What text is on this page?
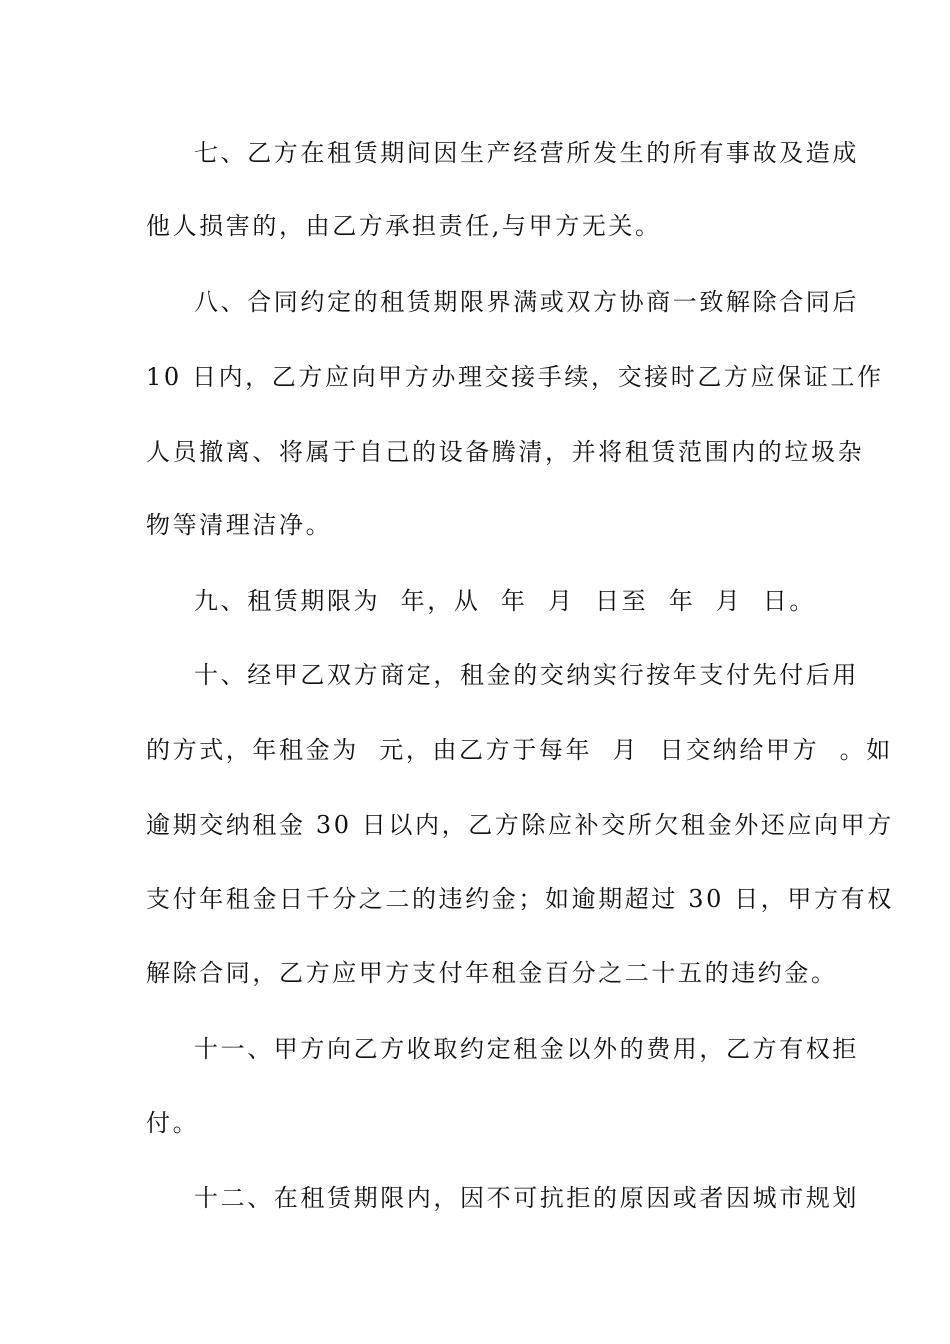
七、乙方在租赁期间因生产经营所发生的所有事故及造成
他人损害的，由乙方承担责任,与甲方无关。
八、合同约定的租赁期限界满或双方协商一致解除合同后
10 日内，乙方应向甲方办理交接手续，交接时乙方应保证工作
人员撤离、将属于自己的设备腾清，并将租赁范围内的垃圾杂
物等清理洁净。
九、租赁期限为  年，从  年  月  日至  年  月  日。
十、经甲乙双方商定，租金的交纳实行按年支付先付后用
的方式，年租金为  元，由乙方于每年  月  日交纳给甲方  。如
逾期交纳租金 30 日以内，乙方除应补交所欠租金外还应向甲方
支付年租金日千分之二的违约金；如逾期超过 30 日，甲方有权
解除合同，乙方应甲方支付年租金百分之二十五的违约金。
十一、甲方向乙方收取约定租金以外的费用，乙方有权拒
付。
十二、在租赁期限内，因不可抗拒的原因或者因城市规划
